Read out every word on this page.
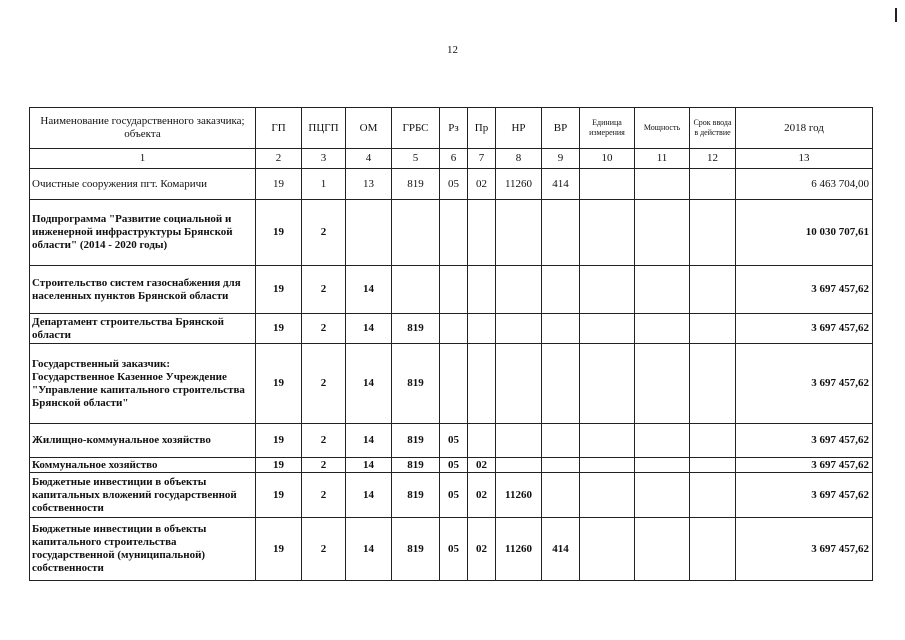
12
Наименование государственного заказчика; объекта	ГП	ПЦГП	ОМ	ГРБС	Рз	Пр	НР	ВР	Единица измерения	Мощность	Срок ввода в действие	2018 год
1	2	3	4	5	6	7	8	9	10	11	12	13
Очистные сооружения пгт. Комаричи	19	1	13	819	05	02	11260	414				6 463 704,00
Подпрограмма "Развитие социальной и инженерной инфраструктуры Брянской области" (2014 - 2020 годы)	19	2										10 030 707,61
Строительство систем газоснабжения для населенных пунктов Брянской области	19	2	14									3 697 457,62
Департамент строительства Брянской области	19	2	14	819								3 697 457,62
Государственный заказчик: Государственное Казенное Учреждение "Управление капитального строительства Брянской области"	19	2	14	819								3 697 457,62
Жилищно-коммунальное хозяйство	19	2	14	819	05							3 697 457,62
Коммунальное хозяйство	19	2	14	819	05	02						3 697 457,62
Бюджетные инвестиции в объекты капитальных вложений государственной собственности	19	2	14	819	05	02	11260					3 697 457,62
Бюджетные инвестиции в объекты капитального строительства государственной (муниципальной) собственности	19	2	14	819	05	02	11260	414				3 697 457,62
